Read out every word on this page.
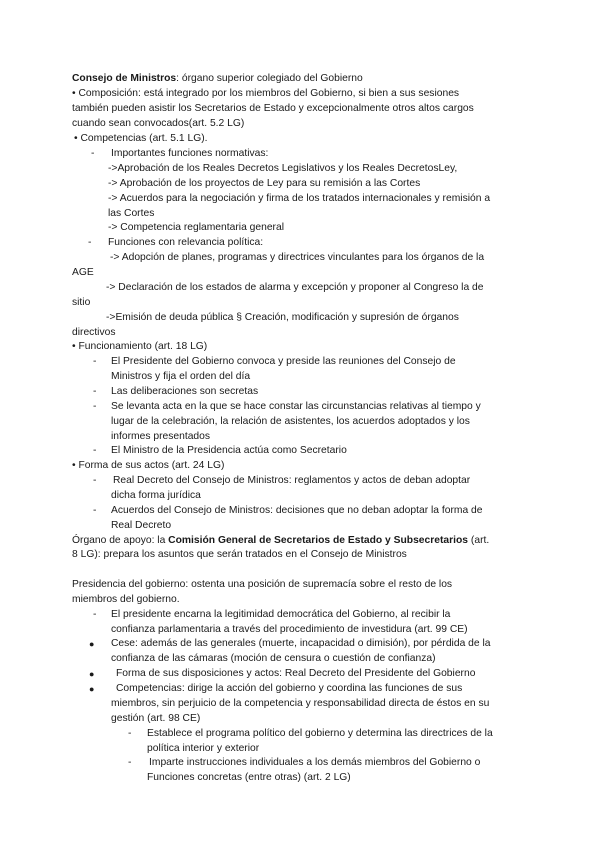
Consejo de Ministros: órgano superior colegiado del Gobierno
• Composición: está integrado por los miembros del Gobierno, si bien a sus sesiones
también pueden asistir los Secretarios de Estado y excepcionalmente otros altos cargos
cuando sean convocados(art. 5.2 LG)
• Competencias (art. 5.1 LG).
- Importantes funciones normativas:
->Aprobación de los Reales Decretos Legislativos y los Reales DecretosLey,
-> Aprobación de los proyectos de Ley para su remisión a las Cortes
-> Acuerdos para la negociación y firma de los tratados internacionales y remisión a
las Cortes
-> Competencia reglamentaria general
- Funciones con relevancia política:
-> Adopción de planes, programas y directrices vinculantes para los órganos de la
AGE
-> Declaración de los estados de alarma y excepción y proponer al Congreso la de
sitio
->Emisión de deuda pública § Creación, modificación y supresión de órganos
directivos
• Funcionamiento (art. 18 LG)
- El Presidente del Gobierno convoca y preside las reuniones del Consejo de
Ministros y fija el orden del día
- Las deliberaciones son secretas
- Se levanta acta en la que se hace constar las circunstancias relativas al tiempo y
lugar de la celebración, la relación de asistentes, los acuerdos adoptados y los
informes presentados
- El Ministro de la Presidencia actúa como Secretario
• Forma de sus actos (art. 24 LG)
- Real Decreto del Consejo de Ministros: reglamentos y actos de deban adoptar
dicha forma jurídica
- Acuerdos del Consejo de Ministros: decisiones que no deban adoptar la forma de
Real Decreto
Órgano de apoyo: la Comisión General de Secretarios de Estado y Subsecretarios (art.
8 LG): prepara los asuntos que serán tratados en el Consejo de Ministros
Presidencia del gobierno: ostenta una posición de supremacía sobre el resto de los
miembros del gobierno.
- El presidente encarna la legitimidad democrática del Gobierno, al recibir la
confianza parlamentaria a través del procedimiento de investidura (art. 99 CE)
● Cese: además de las generales (muerte, incapacidad o dimisión), por pérdida de la
confianza de las cámaras (moción de censura o cuestión de confianza)
● Forma de sus disposiciones y actos: Real Decreto del Presidente del Gobierno
● Competencias: dirige la acción del gobierno y coordina las funciones de sus
miembros, sin perjuicio de la competencia y responsabilidad directa de éstos en su
gestión (art. 98 CE)
- Establece el programa político del gobierno y determina las directrices de la
política interior y exterior
- Imparte instrucciones individuales a los demás miembros del Gobierno o
Funciones concretas (entre otras) (art. 2 LG)
